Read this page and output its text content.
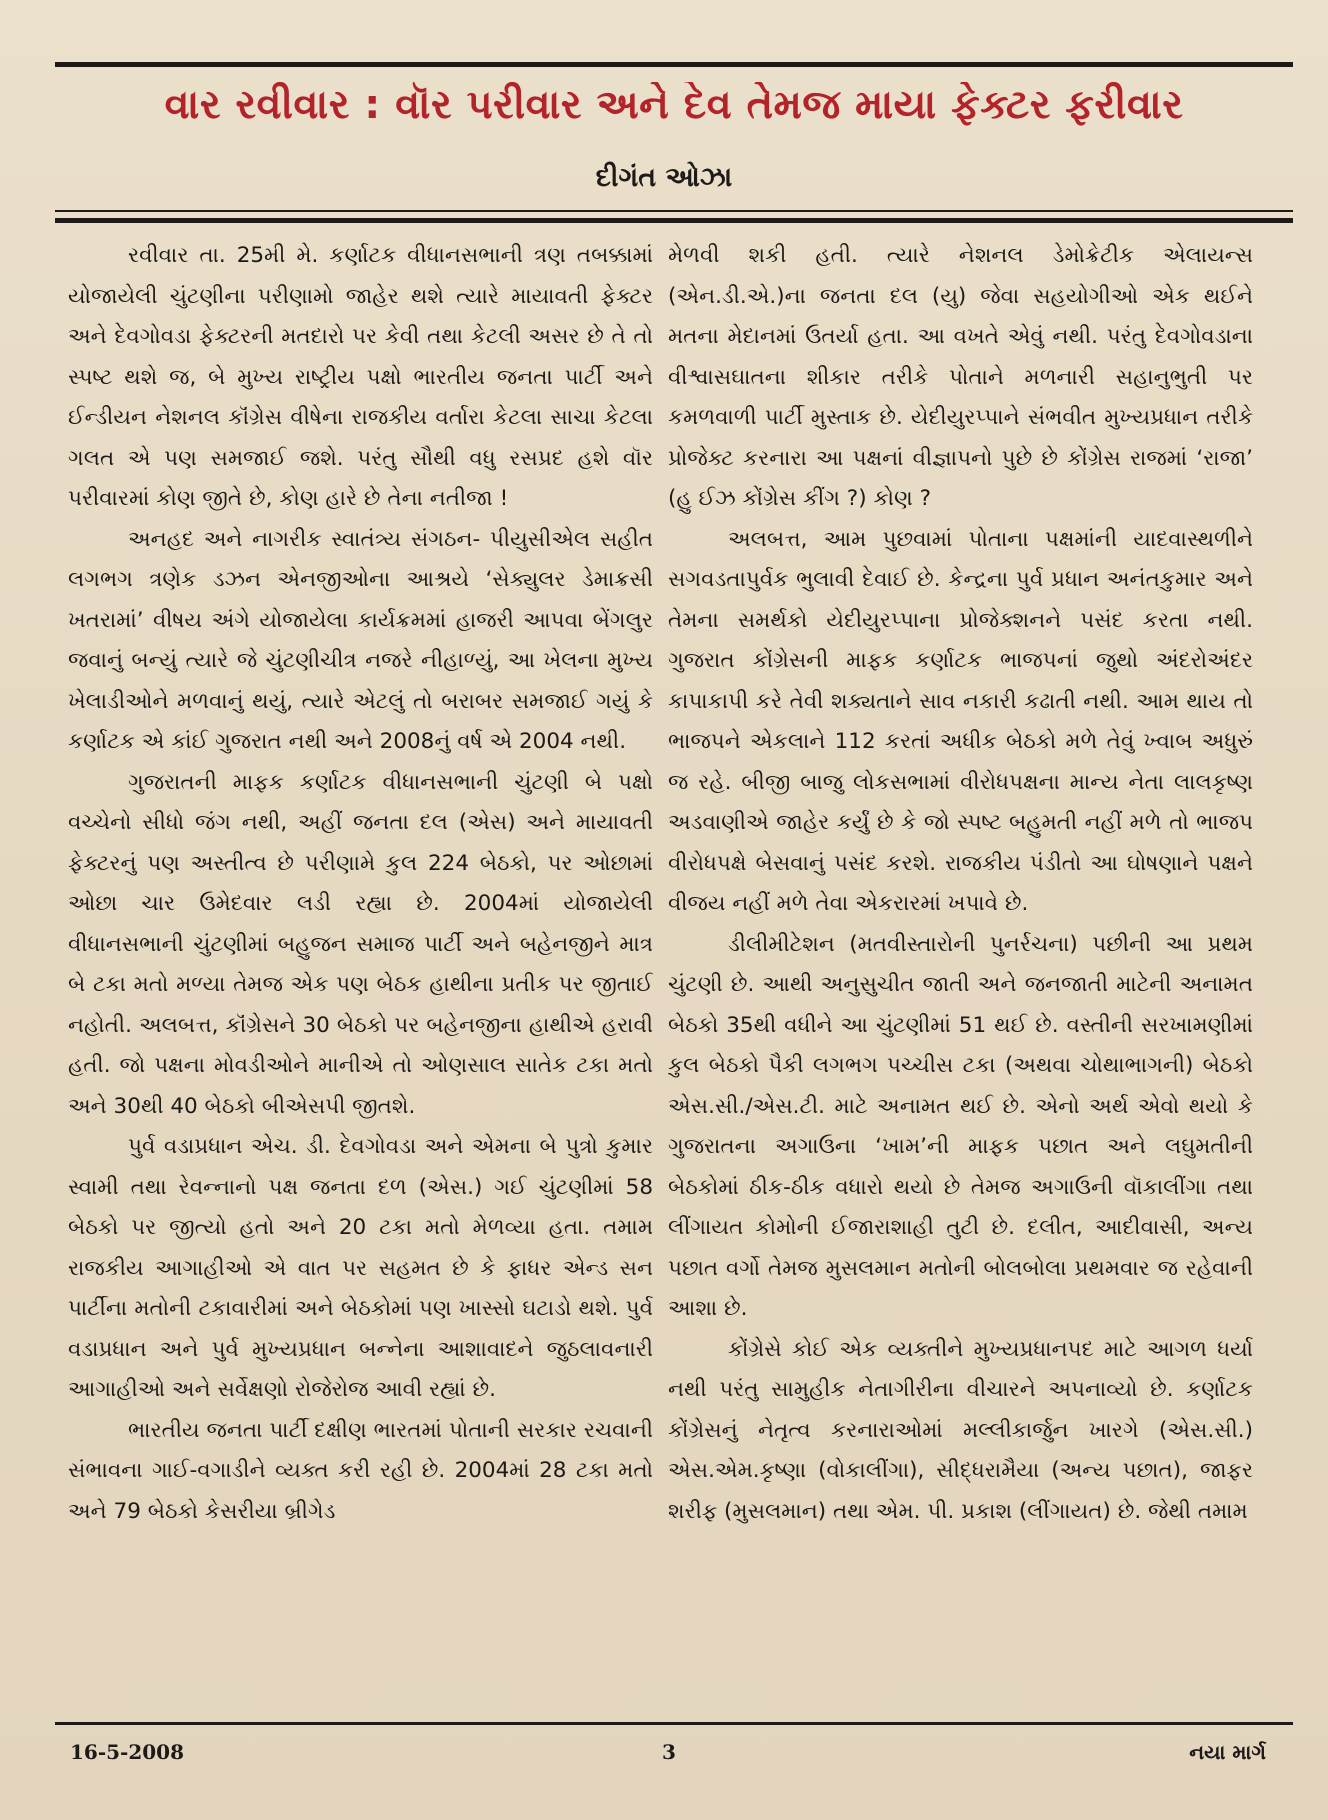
વાર રવીવાર : વૉર પરીવાર અને દેવ તેમજ માયા ફેક્ટર ફરીવાર
દીગંત ઓઝા

રવીવાર તા. 25મી મે. કર્ણાટક વીધાનસભાની ત્રણ તબક્કામાં યોજાયેલી ચુંટણીના પરીણામો જાહેર થશે ત્યારે માયાવતી ફેક્ટર અને દેવગોવડા ફેક્ટરની મતદારો પર કેવી તથા કેટલી અસર છે તે તો સ્પષ્ટ થશે જ, બે મુખ્ય રાષ્ટ્રીય પક્ષો ભારતીય જનતા પાર્ટી અને ઈન્ડીયન નેશનલ કૉંગ્રેસ વીષેના રાજકીય વર્તારા કેટલા સાચા કેટલા ગલત એ પણ સમજાઈ જશે. પરંતુ સૌથી વધુ રસપ્રદ હશે વૉર પરીવારમાં કોણ જીતે છે, કોણ હારે છે તેના નતીજા !

અનહદ અને નાગરીક સ્વાતંત્ર્ય સંગઠન- પીયુસીએલ સહીત લગભગ ત્રણેક ડઝન એનજીઓના આશ્રયે ‘સેક્યુલર ડેમાક્રસી ખતરામાં’ વીષય અંગે યોજાયેલા કાર્યક્રમમાં હાજરી આપવા બેંગલુર જવાનું બન્યું ત્યારે જે ચુંટણીચીત્ર નજરે નીહાળ્યું, આ ખેલના મુખ્ય ખેલાડીઓને મળવાનું થયું, ત્યારે એટલું તો બરાબર સમજાઈ ગયું કે કર્ણાટક એ કાંઈ ગુજરાત નથી અને 2008નું વર્ષ એ 2004 નથી.

ગુજરાતની માફક કર્ણાટક વીધાનસભાની ચુંટણી બે પક્ષો વચ્ચેનો સીધો જંગ નથી, અહીં જનતા દલ (એસ) અને માયાવતી ફેક્ટરનું પણ અસ્તીત્વ છે પરીણામે કુલ 224 બેઠકો, પર ઓછામાં ઓછા ચાર ઉમેદવાર લડી રહ્યા છે. 2004માં યોજાયેલી વીધાનસભાની ચુંટણીમાં બહુજન સમાજ પાર્ટી અને બહેનજીને માત્ર બે ટકા મતો મળ્યા તેમજ એક પણ બેઠક હાથીના પ્રતીક પર જીતાઈ નહોતી. અલબત્ત, કૉંગ્રેસને 30 બેઠકો પર બહેનજીના હાથીએ હરાવી હતી. જો પક્ષના મોવડીઓને માનીએ તો ઓણસાલ સાતેક ટકા મતો અને 30થી 40 બેઠકો બીએસપી જીતશે.

પુર્વ વડાપ્રધાન એચ. ડી. દેવગોવડા અને એમના બે પુત્રો કુમાર સ્વામી તથા રેવન્નાનો પક્ષ જનતા દળ (એસ.) ગઈ ચુંટણીમાં 58 બેઠકો પર જીત્યો હતો અને 20 ટકા મતો મેળવ્યા હતા. તમામ રાજકીય આગાહીઓ એ વાત પર સહમત છે કે ફાધર એન્ડ સન પાર્ટીના મતોની ટકાવારીમાં અને બેઠકોમાં પણ ખાસ્સો ઘટાડો થશે. પુર્વ વડાપ્રધાન અને પુર્વ મુખ્યપ્રધાન બન્નેના આશાવાદને જુઠલાવનારી આગાહીઓ અને સર્વેક્ષણો રોજેરોજ આવી રહ્યાં છે.

ભારતીય જનતા પાર્ટી દક્ષીણ ભારતમાં પોતાની સરકાર રચવાની સંભાવના ગાઈ-વગાડીને વ્યક્ત કરી રહી છે. 2004માં 28 ટકા મતો અને 79 બેઠકો કેસરીયા બ્રીગેડ

મેળવી શકી હતી. ત્યારે નેશનલ ડેમોક્રેટીક એલાયન્સ (એન.ડી.એ.)ના જનતા દલ (યુ) જેવા સહયોગીઓ એક થઈને મતના મેદાનમાં ઉતર્યા હતા. આ વખતે એવું નથી. પરંતુ દેવગોવડાના વીશ્વાસઘાતના શીકાર તરીકે પોતાને મળનારી સહાનુભુતી પર કમળવાળી પાર્ટી મુસ્તાક છે. યેદીયુરપ્પાને સંભવીત મુખ્યપ્રધાન તરીકે પ્રોજેક્ટ કરનારા આ પક્ષનાં વીજ્ઞાપનો પુછે છે કોંગ્રેસ રાજમાં ‘રાજા’ (હુ ઈઝ કોંગ્રેસ કીંગ ?) કોણ ?

અલબત્ત, આમ પુછવામાં પોતાના પક્ષમાંની યાદવાસ્થળીને સગવડતાપુર્વક ભુલાવી દેવાઈ છે. કેન્દ્રના પુર્વ પ્રધાન અનંતકુમાર અને તેમના સમર્થકો યેદીયુરપ્પાના પ્રોજેક્શનને પસંદ કરતા નથી. ગુજરાત કોંગ્રેસની માફક કર્ણાટક ભાજપનાં જુથો અંદરોઅંદર કાપાકાપી કરે તેવી શક્યતાને સાવ નકારી કઢાતી નથી. આમ થાય તો ભાજપને એકલાને 112 કરતાં અધીક બેઠકો મળે તેવું ખ્વાબ અધુરું જ રહે. બીજી બાજુ લોકસભામાં વીરોધપક્ષના માન્ય નેતા લાલકૃષ્ણ અડવાણીએ જાહેર કર્યું છે કે જો સ્પષ્ટ બહુમતી નહીં મળે તો ભાજપ વીરોધપક્ષે બેસવાનું પસંદ કરશે. રાજકીય પંડીતો આ ઘોષણાને પક્ષને વીજય નહીં મળે તેવા એકરારમાં ખપાવે છે.

ડીલીમીટેશન (મતવીસ્તારોની પુનર્રચના) પછીની આ પ્રથમ ચુંટણી છે. આથી અનુસુચીત જાતી અને જનજાતી માટેની અનામત બેઠકો 35થી વધીને આ ચુંટણીમાં 51 થઈ છે. વસ્તીની સરખામણીમાં કુલ બેઠકો પૈકી લગભગ પચ્ચીસ ટકા (અથવા ચોથાભાગની) બેઠકો એસ.સી./એસ.ટી. માટે અનામત થઈ છે. એનો અર્થ એવો થયો કે ગુજરાતના અગાઉના ‘ખામ’ની માફક પછાત અને લઘુમતીની બેઠકોમાં ઠીક-ઠીક વધારો થયો છે તેમજ અગાઉની વૉકાલીંગા તથા લીંગાયત કોમોની ઈજારાશાહી તુટી છે. દલીત, આદીવાસી, અન્ય પછાત વર્ગો તેમજ મુસલમાન મતોની બોલબોલા પ્રથમવાર જ રહેવાની આશા છે.

કોંગ્રેસે કોઈ એક વ્યક્તીને મુખ્યપ્રધાનપદ માટે આગળ ધર્યા નથી પરંતુ સામુહીક નેતાગીરીના વીચારને અપનાવ્યો છે. કર્ણાટક કોંગ્રેસનું નેતૃત્વ કરનારાઓમાં મલ્લીકાર્જુન ખારગે (એસ.સી.) એસ.એમ.કૃષ્ણા (વોકાલીંગા), સીદ્ધરામૈયા (અન્ય પછાત), જાફર શરીફ (મુસલમાન) તથા એમ. પી. પ્રકાશ (લીંગાયત) છે. જેથી તમામ

16-5-2008	3	નયા માર્ગ
